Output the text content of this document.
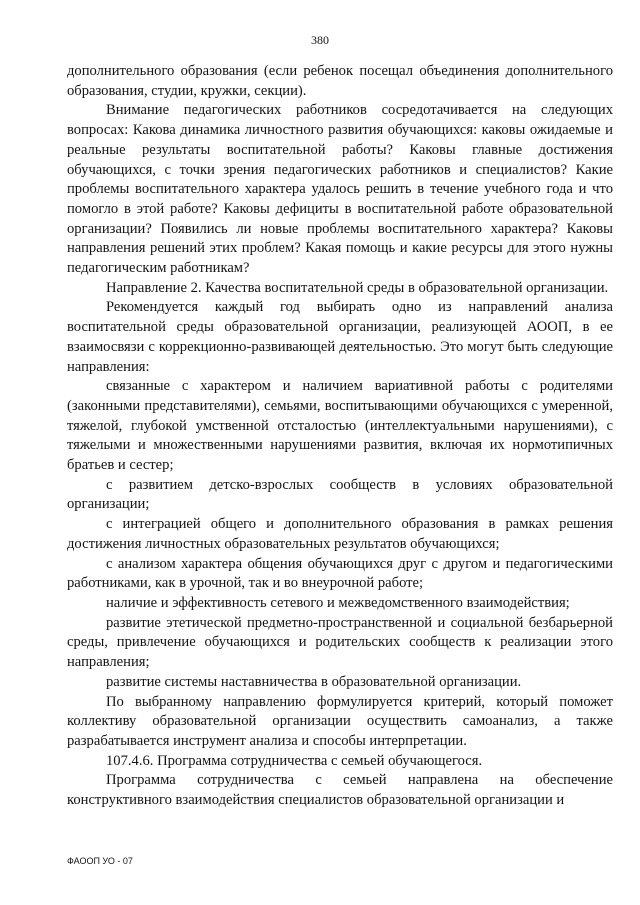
380

дополнительного образования (если ребенок посещал объединения дополнительного образования, студии, кружки, секции).

Внимание педагогических работников сосредотачивается на следующих вопросах: Какова динамика личностного развития обучающихся: каковы ожидаемые и реальные результаты воспитательной работы? Каковы главные достижения обучающихся, с точки зрения педагогических работников и специалистов? Какие проблемы воспитательного характера удалось решить в течение учебного года и что помогло в этой работе? Каковы дефициты в воспитательной работе образовательной организации? Появились ли новые проблемы воспитательного характера? Каковы направления решений этих проблем? Какая помощь и какие ресурсы для этого нужны педагогическим работникам?

Направление 2. Качества воспитательной среды в образовательной организации.

Рекомендуется каждый год выбирать одно из направлений анализа воспитательной среды образовательной организации, реализующей АООП, в ее взаимосвязи с коррекционно-развивающей деятельностью. Это могут быть следующие направления:

связанные с характером и наличием вариативной работы с родителями (законными представителями), семьями, воспитывающими обучающихся с умеренной, тяжелой, глубокой умственной отсталостью (интеллектуальными нарушениями), с тяжелыми и множественными нарушениями развития, включая их нормотипичных братьев и сестер;

с развитием детско-взрослых сообществ в условиях образовательной организации;

с интеграцией общего и дополнительного образования в рамках решения достижения личностных образовательных результатов обучающихся;

с анализом характера общения обучающихся друг с другом и педагогическими работниками, как в урочной, так и во внеурочной работе;

наличие и эффективность сетевого и межведомственного взаимодействия;

развитие этетической предметно-пространственной и социальной безбарьерной среды, привлечение обучающихся и родительских сообществ к реализации этого направления;

развитие системы наставничества в образовательной организации.

По выбранному направлению формулируется критерий, который поможет коллективу образовательной организации осуществить самоанализ, а также разрабатывается инструмент анализа и способы интерпретации.

107.4.6. Программа сотрудничества с семьей обучающегося.

Программа сотрудничества с семьей направлена на обеспечение конструктивного взаимодействия специалистов образовательной организации и

ФАООП УО - 07
